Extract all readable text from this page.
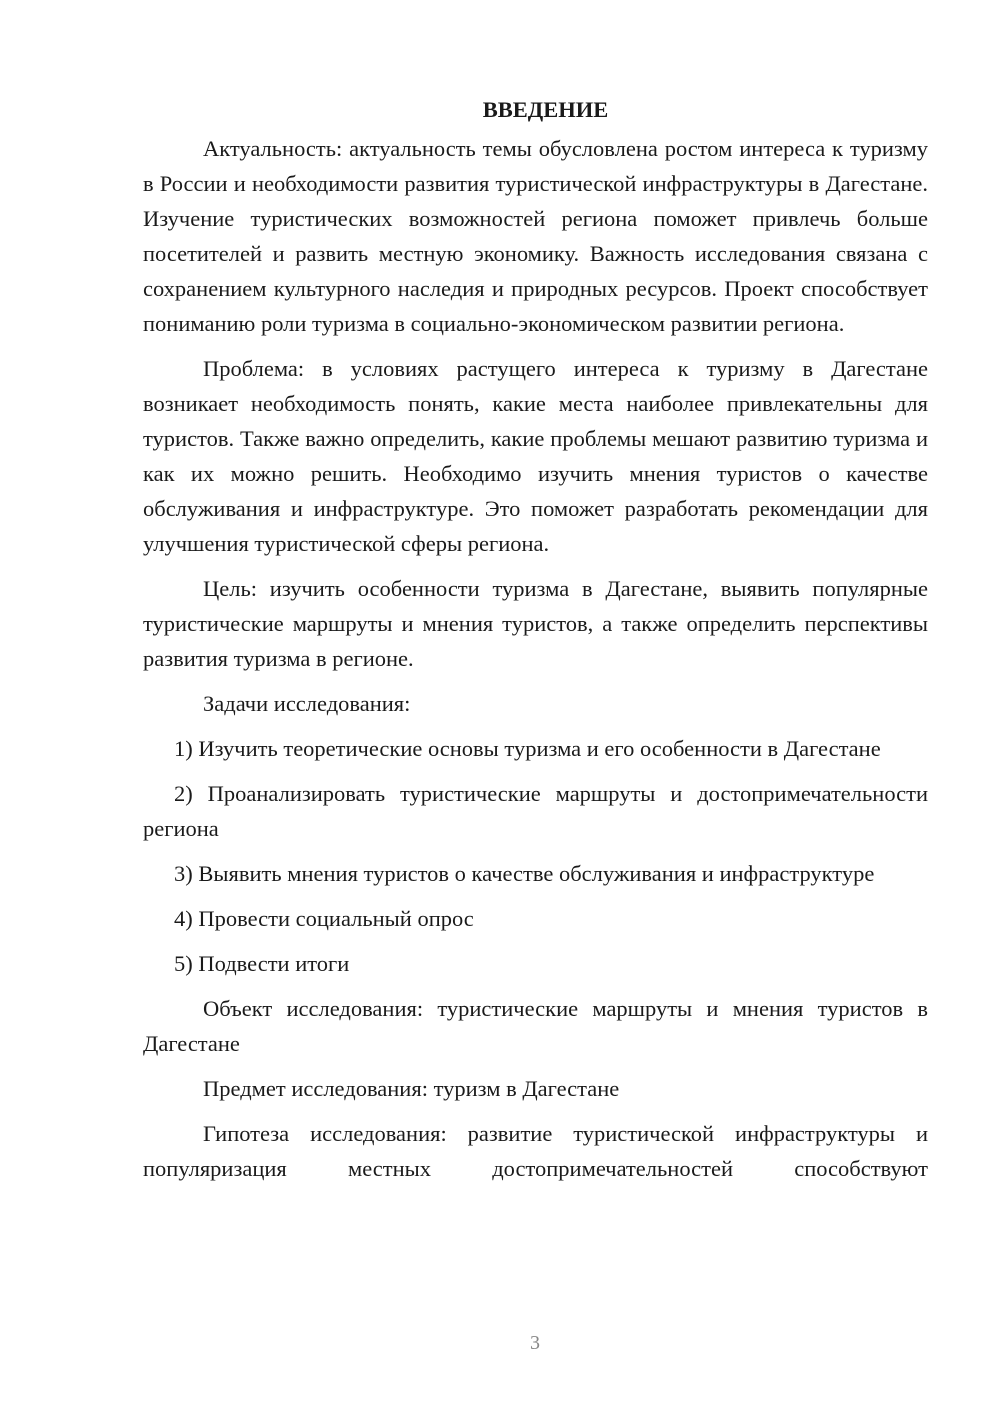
ВВЕДЕНИЕ

Актуальность: актуальность темы обусловлена ростом интереса к туризму в России и необходимости развития туристической инфраструктуры в Дагестане. Изучение туристических возможностей региона поможет привлечь больше посетителей и развить местную экономику. Важность исследования связана с сохранением культурного наследия и природных ресурсов. Проект способствует пониманию роли туризма в социально-экономическом развитии региона.

Проблема: в условиях растущего интереса к туризму в Дагестане возникает необходимость понять, какие места наиболее привлекательны для туристов. Также важно определить, какие проблемы мешают развитию туризма и как их можно решить. Необходимо изучить мнения туристов о качестве обслуживания и инфраструктуре. Это поможет разработать рекомендации для улучшения туристической сферы региона.

Цель: изучить особенности туризма в Дагестане, выявить популярные туристические маршруты и мнения туристов, а также определить перспективы развития туризма в регионе.

Задачи исследования:

1) Изучить теоретические основы туризма и его особенности в Дагестане

2) Проанализировать туристические маршруты и достопримечательности региона

3) Выявить мнения туристов о качестве обслуживания и инфраструктуре

4) Провести социальный опрос

5) Подвести итоги

Объект исследования: туристические маршруты и мнения туристов в Дагестане

Предмет исследования: туризм в Дагестане

Гипотеза исследования: развитие туристической инфраструктуры и популяризация местных достопримечательностей способствуют

3
